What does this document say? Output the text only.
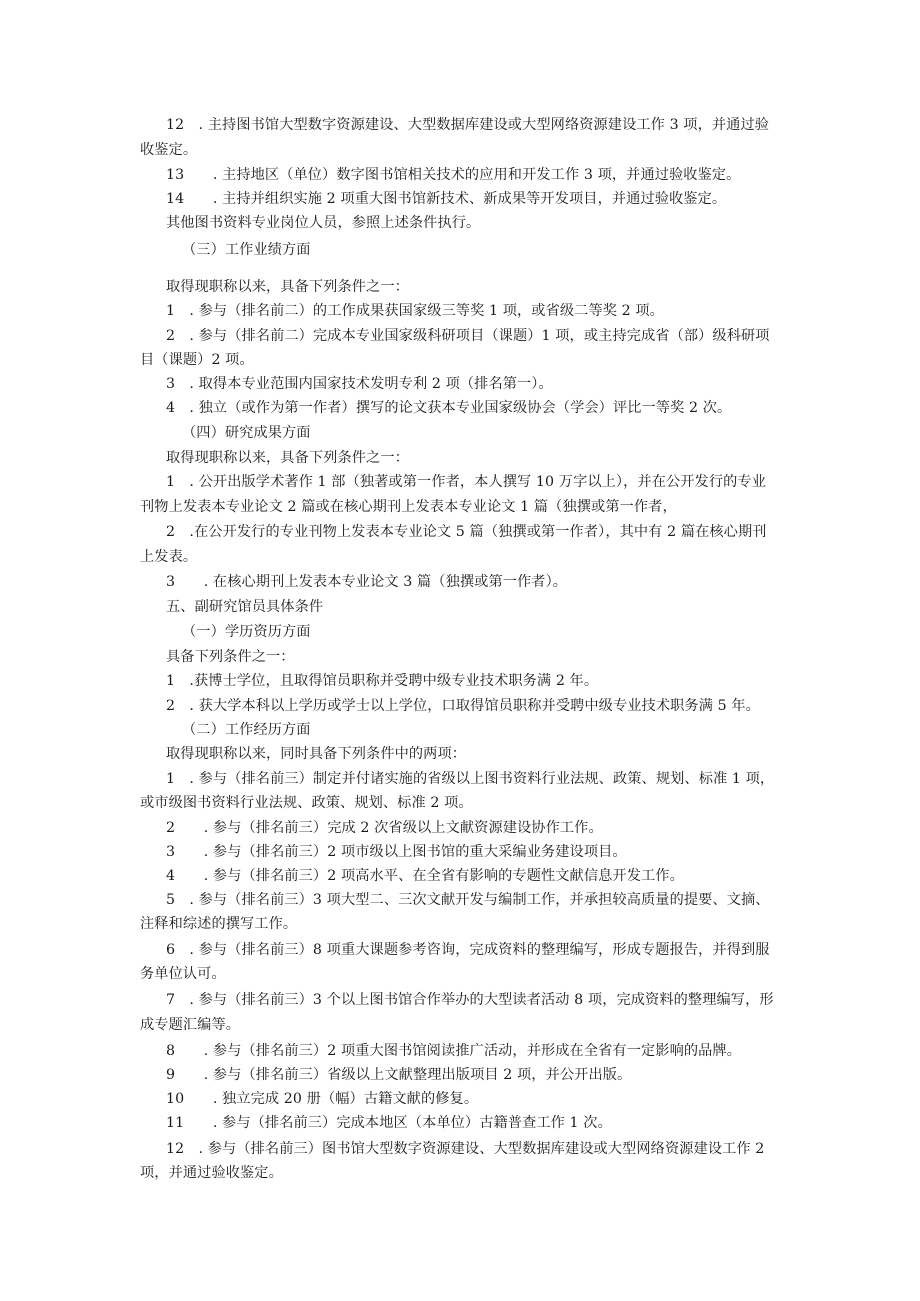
12　. 主持图书馆大型数字资源建设、大型数据库建设或大型网络资源建设工作 3 项，并通过验
收鉴定。
13　　. 主持地区（单位）数字图书馆相关技术的应用和开发工作 3 项，并通过验收鉴定。
14　　. 主持并组织实施 2 项重大图书馆新技术、新成果等开发项目，并通过验收鉴定。
其他图书资料专业岗位人员，参照上述条件执行。
（三）工作业绩方面
取得现职称以来，具备下列条件之一：
1　. 参与（排名前二）的工作成果获国家级三等奖 1 项，或省级二等奖 2 项。
2　. 参与（排名前二）完成本专业国家级科研项目（课题）1 项，或主持完成省（部）级科研项
目（课题）2 项。
3　. 取得本专业范围内国家技术发明专利 2 项（排名第一）。
4　. 独立（或作为第一作者）撰写的论文获本专业国家级协会（学会）评比一等奖 2 次。
（四）研究成果方面
取得现职称以来，具备下列条件之一：
1　. 公开出版学术著作 1 部（独著或第一作者，本人撰写 10 万字以上），并在公开发行的专业
刊物上发表本专业论文 2 篇或在核心期刊上发表本专业论文 1 篇（独撰或第一作者，
2　.在公开发行的专业刊物上发表本专业论文 5 篇（独撰或第一作者），其中有 2 篇在核心期刊
上发表。
3　　. 在核心期刊上发表本专业论文 3 篇（独撰或第一作者）。
五、副研究馆员具体条件
（一）学历资历方面
具备下列条件之一：
1　.获博士学位，且取得馆员职称并受聘中级专业技术职务满 2 年。
2　. 获大学本科以上学历或学士以上学位，口取得馆员职称并受聘中级专业技术职务满 5 年。
（二）工作经历方面
取得现职称以来，同时具备下列条件中的两项：
1　. 参与（排名前三）制定并付诸实施的省级以上图书资料行业法规、政策、规划、标准 1 项，
或市级图书资料行业法规、政策、规划、标准 2 项。
2　　. 参与（排名前三）完成 2 次省级以上文献资源建设协作工作。
3　　. 参与（排名前三）2 项市级以上图书馆的重大采编业务建设项目。
4　　. 参与（排名前三）2 项高水平、在全省有影响的专题性文献信息开发工作。
5　. 参与（排名前三）3 项大型二、三次文献开发与编制工作，并承担较高质量的提要、文摘、
注释和综述的撰写工作。
6　. 参与（排名前三）8 项重大课题参考咨询，完成资料的整理编写，形成专题报告，并得到服
务单位认可。
7　. 参与（排名前三）3 个以上图书馆合作举办的大型读者活动 8 项，完成资料的整理编写，形
成专题汇编等。
8　　. 参与（排名前三）2 项重大图书馆阅读推广活动，并形成在全省有一定影响的品牌。
9　　. 参与（排名前三）省级以上文献整理出版项目 2 项，并公开出版。
10　　. 独立完成 20 册（幅）古籍文献的修复。
11　　. 参与（排名前三）完成本地区（本单位）古籍普查工作 1 次。
12　. 参与（排名前三）图书馆大型数字资源建设、大型数据库建设或大型网络资源建设工作 2
项，并通过验收鉴定。
